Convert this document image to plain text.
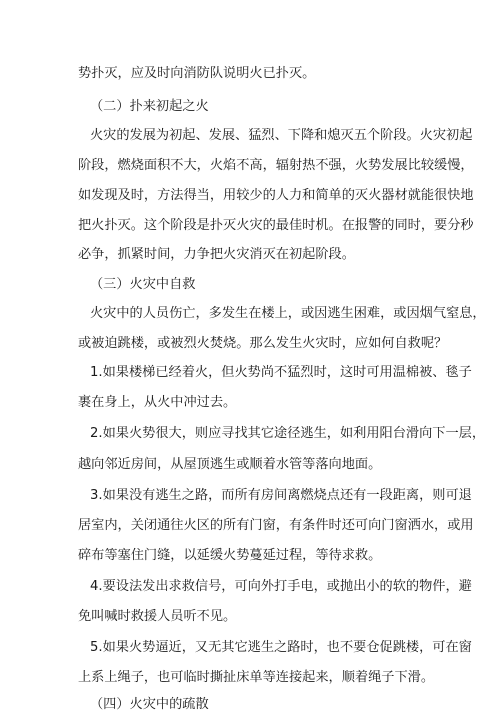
势扑灭，应及时向消防队说明火已扑灭。
（二）扑来初起之火
火灾的发展为初起、发展、猛烈、下降和熄灭五个阶段。火灾初起
阶段，燃烧面积不大，火焰不高，辐射热不强，火势发展比较缓慢，
如发现及时，方法得当，用较少的人力和简单的灭火器材就能很快地
把火扑灭。这个阶段是扑灭火灾的最佳时机。在报警的同时，要分秒
必争，抓紧时间，力争把火灾消灭在初起阶段。
（三）火灾中自救
火灾中的人员伤亡，多发生在楼上，或因逃生困难，或因烟气窒息，
或被迫跳楼，或被烈火焚烧。那么发生火灾时，应如何自救呢？
1.如果楼梯已经着火，但火势尚不猛烈时，这时可用温棉被、毯子
裹在身上，从火中冲过去。
2.如果火势很大，则应寻找其它途径逃生，如利用阳台滑向下一层，
越向邻近房间，从屋顶逃生或顺着水管等落向地面。
3.如果没有逃生之路，而所有房间离燃烧点还有一段距离，则可退
居室内，关闭通往火区的所有门窗，有条件时还可向门窗洒水，或用
碎布等塞住门缝，以延缓火势蔓延过程，等待求救。
4.要设法发出求救信号，可向外打手电，或抛出小的软的物件，避
免叫喊时救援人员听不见。
5.如果火势逼近，又无其它逃生之路时，也不要仓促跳楼，可在窗
上系上绳子，也可临时撕扯床单等连接起来，顺着绳子下滑。
（四）火灾中的疏散
